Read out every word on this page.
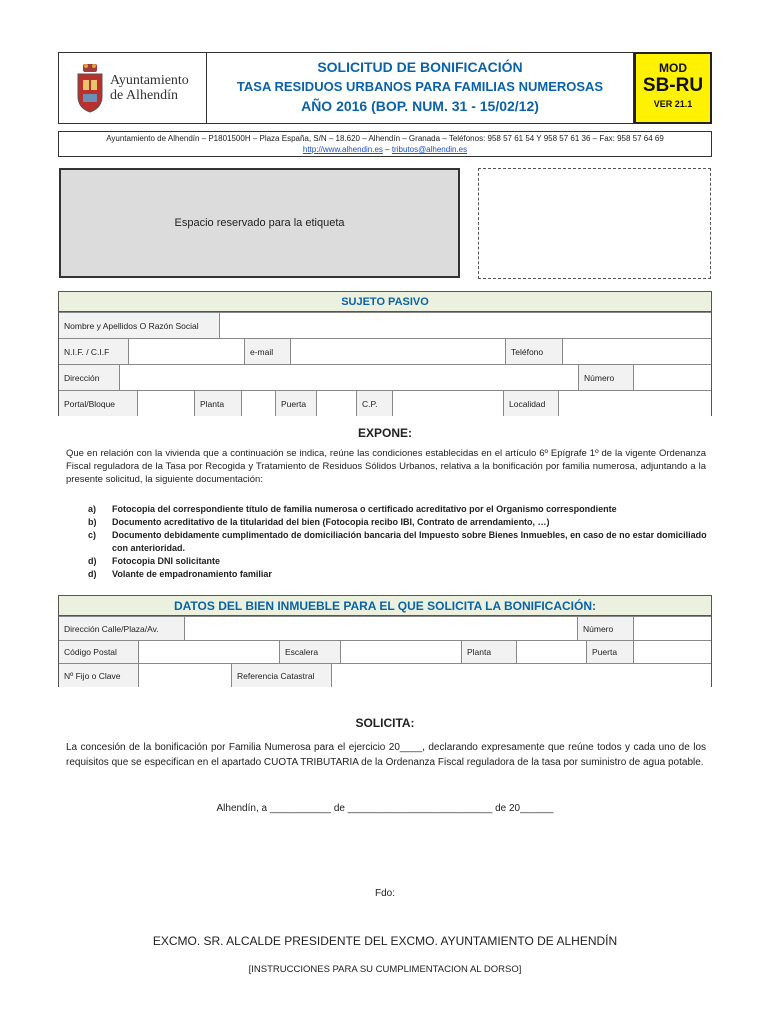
Ayuntamiento
de Alhendín
SOLICITUD DE BONIFICACIÓN
TASA RESIDUOS URBANOS PARA FAMILIAS NUMEROSAS
AÑO 2016 (BOP. NUM. 31 - 15/02/12)
MOD
SB-RU
VER 21.1
Ayuntamiento de Alhendín – P1801500H – Plaza España, S/N – 18.620 – Alhendín – Granada – Teléfonos: 958 57 61 54 Y 958 57 61 36 – Fax: 958 57 64 69
http://www.alhendin.es – tributos@alhendin.es
Espacio reservado para la etiqueta
SUJETO PASIVO
Nombre y Apellidos O Razón Social
N.I.F. / C.I.F	e-mail	Teléfono
Dirección	Número
Portal/Bloque	Planta	Puerta	C.P.	Localidad
EXPONE:
Que en relación con la vivienda que a continuación se indica, reúne las condiciones establecidas en el artículo 6º Epígrafe 1º de la vigente Ordenanza Fiscal reguladora de la Tasa por Recogida y Tratamiento de Residuos Sólidos Urbanos, relativa a la bonificación por familia numerosa, adjuntando a la presente solicitud, la siguiente documentación:
a)	Fotocopia del correspondiente título de familia numerosa o certificado acreditativo por el Organismo correspondiente
b)	Documento acreditativo de la titularidad del bien (Fotocopia recibo IBI, Contrato de arrendamiento, …)
c)	Documento debidamente cumplimentado de domiciliación bancaria del Impuesto sobre Bienes Inmuebles, en caso de no estar domiciliado con anterioridad.
d)	Fotocopia DNI solicitante
d)	Volante de empadronamiento familiar
DATOS DEL BIEN INMUEBLE PARA EL QUE SOLICITA LA BONIFICACIÓN:
Dirección Calle/Plaza/Av.	Número
Código Postal	Escalera	Planta	Puerta
Nº Fijo o Clave	Referencia Catastral
SOLICITA:
La concesión de la bonificación por Familia Numerosa para el ejercicio 20____, declarando expresamente que reúne todos y cada uno de los requisitos que se especifican en el apartado CUOTA TRIBUTARIA de la Ordenanza Fiscal reguladora de la tasa por suministro de agua potable.
Alhendín, a ___________ de __________________________ de 20______
Fdo:
EXCMO. SR. ALCALDE PRESIDENTE DEL EXCMO. AYUNTAMIENTO DE ALHENDÍN
[INSTRUCCIONES PARA SU CUMPLIMENTACION AL DORSO]
